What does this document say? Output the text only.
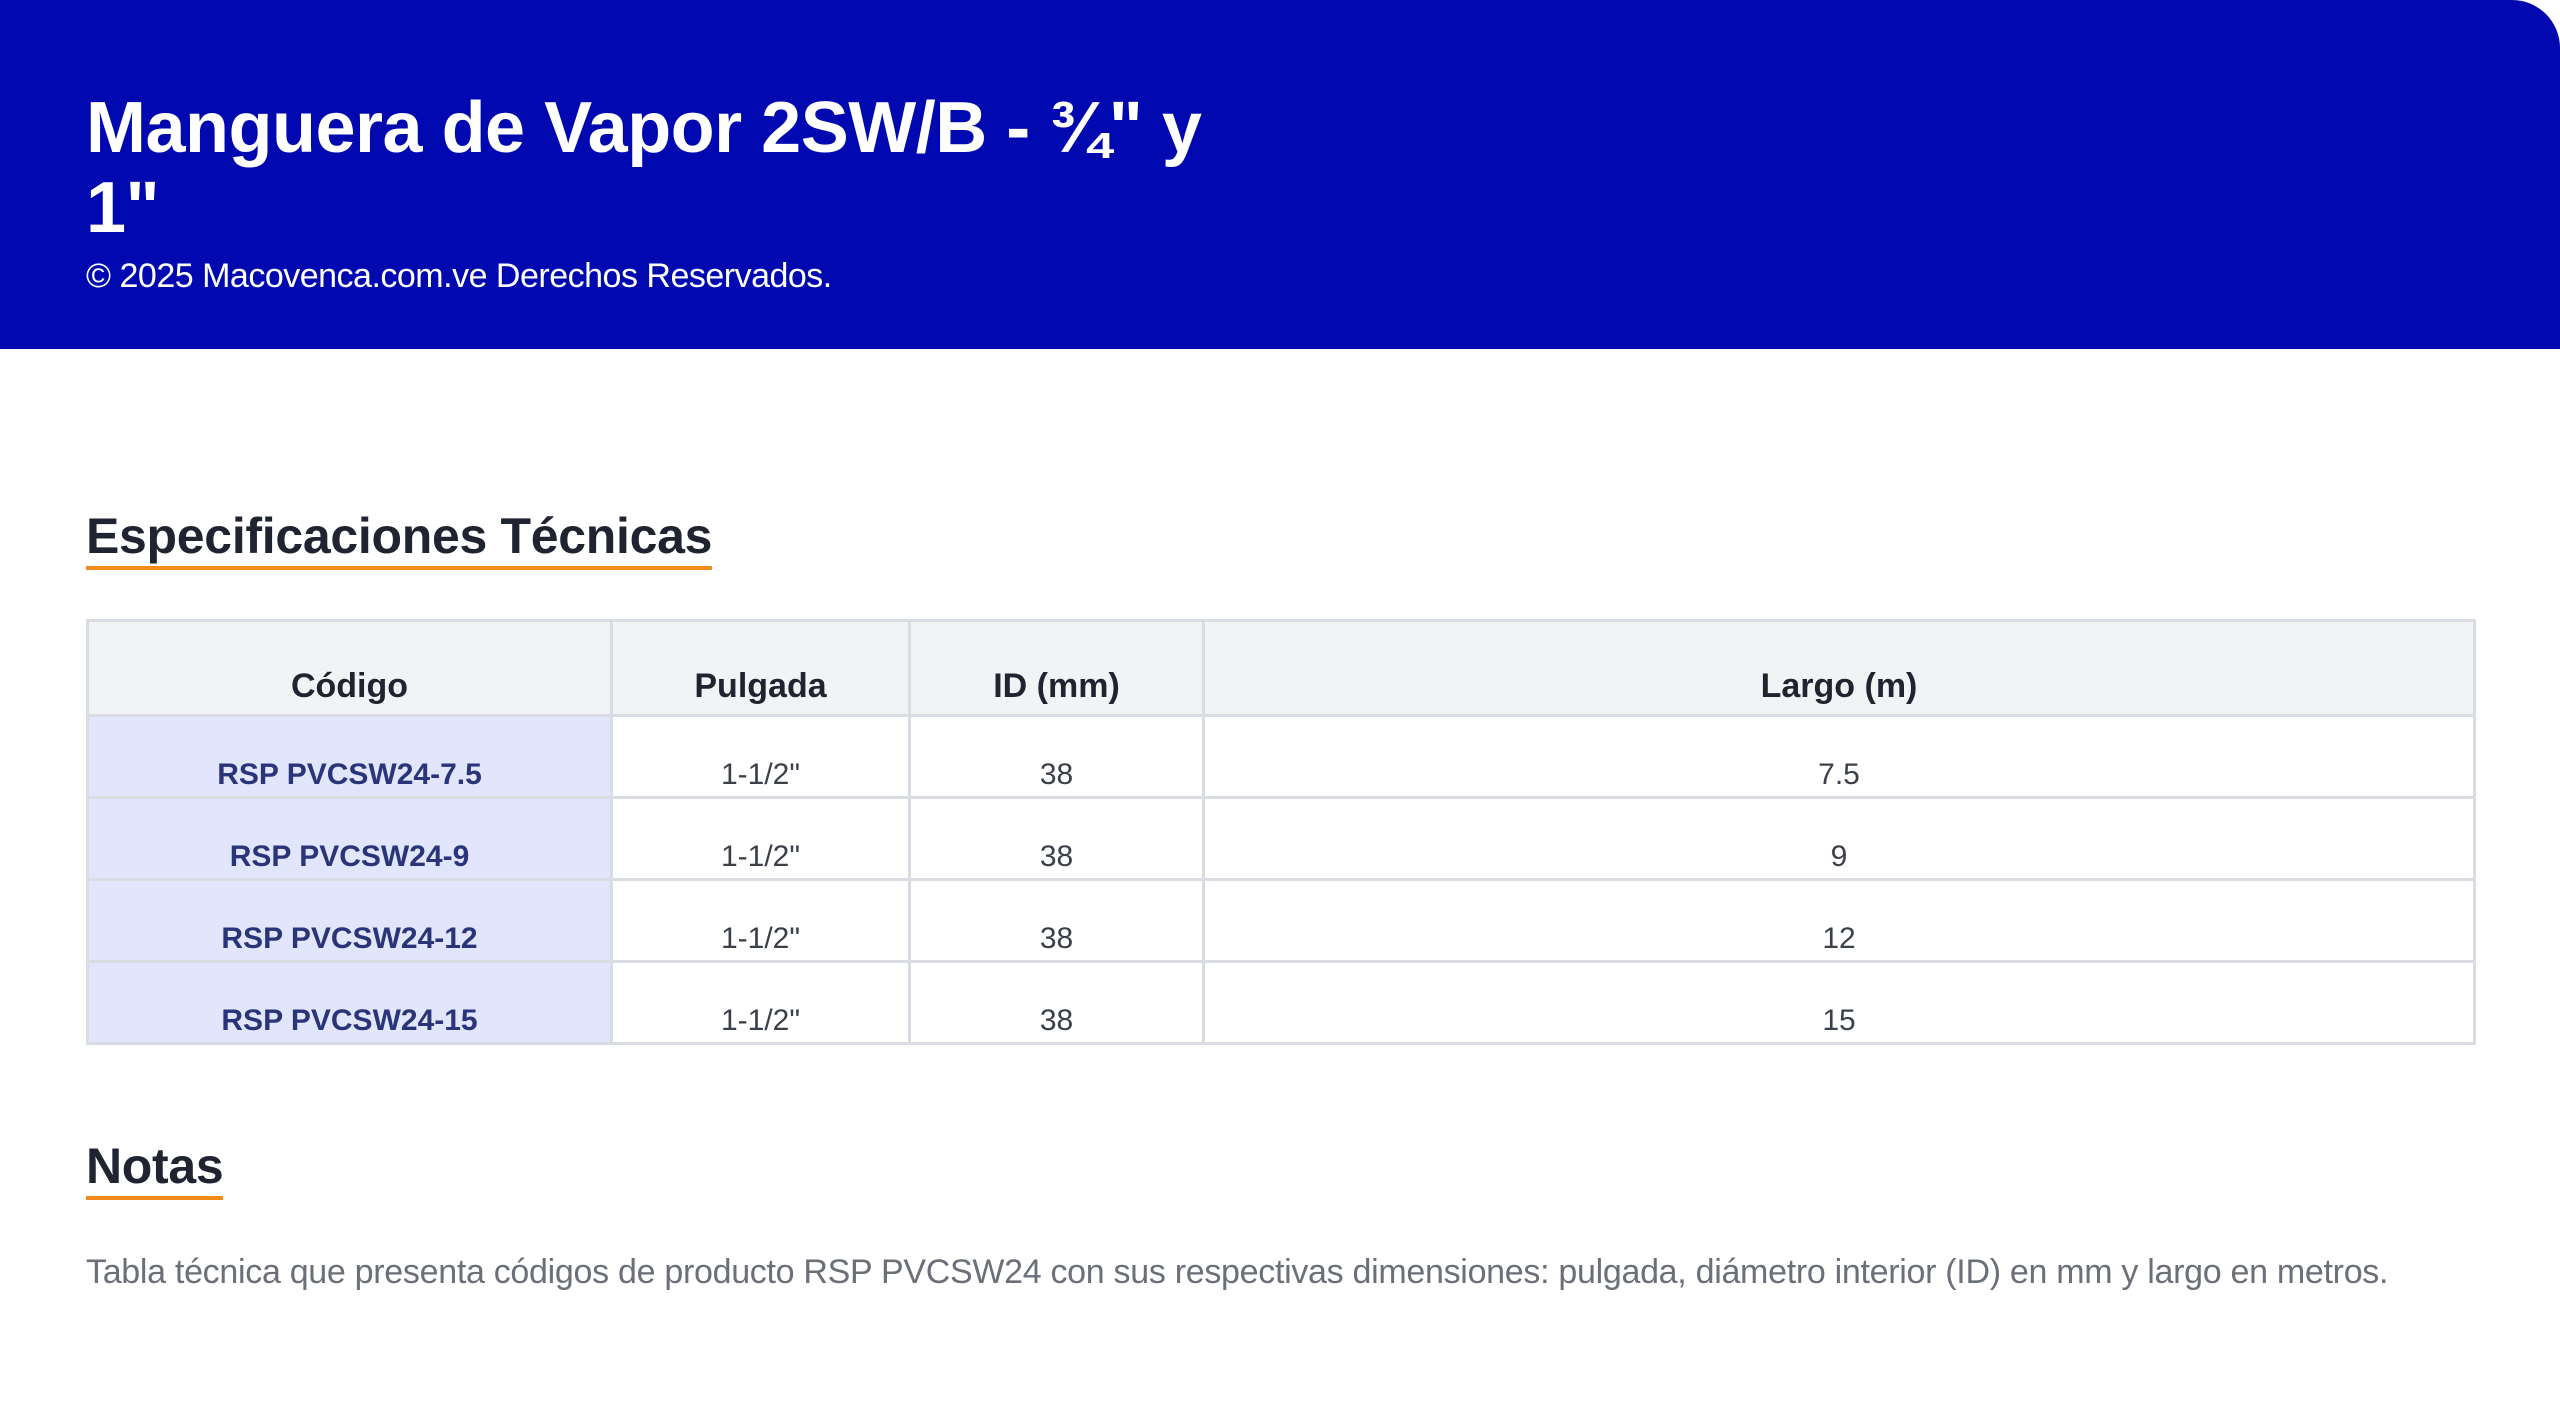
Manguera de Vapor 2SW/B - ¾" y 1"
© 2025 Macovenca.com.ve Derechos Reservados.
Especificaciones Técnicas
Código	Pulgada	ID (mm)	Largo (m)
RSP PVCSW24-7.5	1-1/2"	38	7.5
RSP PVCSW24-9	1-1/2"	38	9
RSP PVCSW24-12	1-1/2"	38	12
RSP PVCSW24-15	1-1/2"	38	15
Notas

Tabla técnica que presenta códigos de producto RSP PVCSW24 con sus respectivas dimensiones: pulgada, diámetro interior (ID) en mm y largo en metros.
